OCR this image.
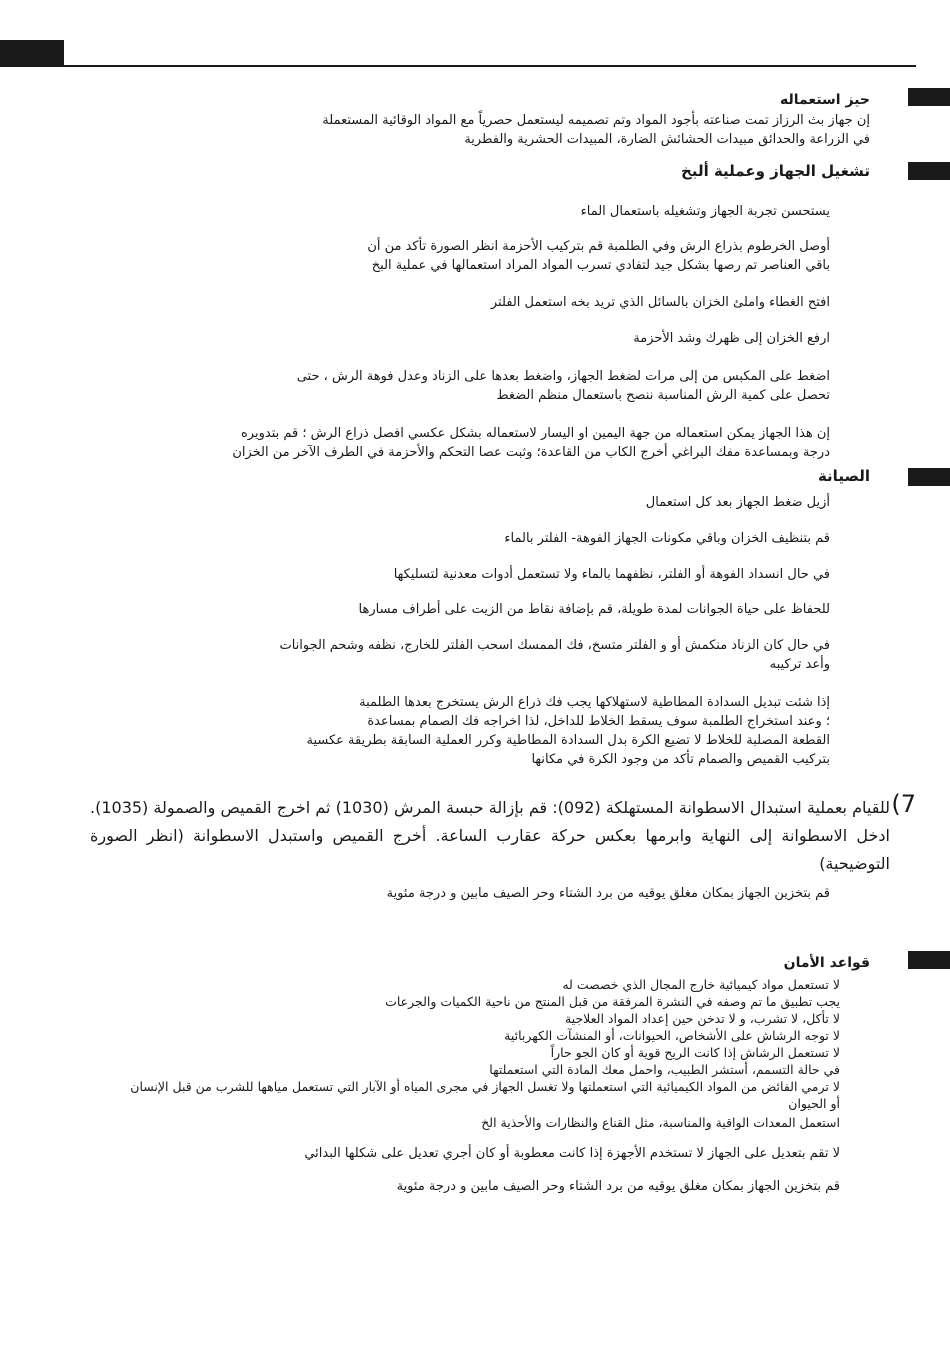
حيز استعماله
إن جهاز بث الرزاز تمت صناعته بأجود المواد وتم تصميمه ليستعمل حصرياً مع المواد الوقائية المستعملة
في الزراعة والحدائق مبيدات الحشائش الضارة، المبيدات الحشرية والفطرية
تشغيل الجهاز وعملية ألبخ
يستحسن تجربة الجهاز وتشغيله باستعمال الماء
أوصل الخرطوم بذراع الرش وفي الطلمبة قم بتركيب الأحزمة انظر الصورة تأكد من أن
باقي العناصر تم رصها بشكل جيد لتفادي تسرب المواد المراد استعمالها في عملية البخ
افتح الغطاء واملئ الخزان بالسائل الذي تريد بخه استعمل الفلتر
ارفع الخزان إلى ظهرك وشد الأحزمة
اضغط على المكبس من إلى مرات لضغط الجهاز، واضغط بعدها على الزناد وعدل فوهة الرش ، حتى
تحصل على كمية الرش المناسبة ننصح باستعمال منظم الضغط
إن هذا الجهاز يمكن استعماله من جهة اليمين او اليسار لاستعماله بشكل عكسي افصل ذراع الرش ؛ قم بتدويره
درجة وبمساعدة مفك البراغي أخرج الكاب من القاعدة؛ وثبت عصا التحكم والأحزمة في الطرف الآخر من الخزان
الصيانة
أزيل ضغط الجهاز بعد كل استعمال
قم بتنظيف الخزان وباقي مكونات الجهاز الفوهة- الفلتر بالماء
في حال انسداد الفوهة أو الفلتر، نظفهما بالماء ولا تستعمل أدوات معدنية لتسليكها
للحفاظ على حياة الجوانات لمدة طويلة، قم بإضافة نقاط من الزيت على أطراف مسارها
في حال كان الزناد منكمش أو و الفلتر متسخ، فك الممسك اسحب الفلتر للخارج، نظفه وشحم الجوانات
وأعد تركيبه
إذا شئت تبديل السدادة المطاطية لاستهلاكها يجب فك ذراع الرش يستخرج بعدها الطلمبة
؛ وعند استخراج الطلمبة سوف يسقط الخلاط للداخل، لذا اخراجه فك الصمام بمساعدة
القطعة المصلبة للخلاط لا تضيع الكرة بدل السدادة المطاطية وكرر العملية السابقة بطريقة عكسية
بتركيب القميص والصمام تأكد من وجود الكرة في مكانها
7)
للقيام بعملية استبدال الاسطوانة المستهلكة (092): قم بإزالة حبسة المرش (1030) ثم اخرج القميص والصمولة (1035). ادخل الاسطوانة إلى النهاية وابرمها بعكس حركة عقارب الساعة. أخرج القميص واستبدل الاسطوانة (انظر الصورة التوضيحية)
قم بتخزين الجهاز بمكان مغلق يوقيه من برد الشتاء وحر الصيف مابين و درجة مئوية
قواعد الأمان
لا تستعمل مواد كيميائية خارج المجال الذي خصصت له
يجب تطبيق ما تم وصفه في النشرة المرفقة من قبل المنتج من ناحية الكميات والجرعات
لا تأكل، لا تشرب، و لا تدخن حين إعداد المواد العلاجية
لا توجه الرشاش على الأشخاص، الحيوانات، أو المنشآت الكهربائية
لا تستعمل الرشاش إذا كانت الريح قوية أو كان الجو حاراً
في حالة التسمم، أستشر الطبيب، واحمل معك المادة التي استعملتها
لا ترمي الفائض من المواد الكيميائية التي استعملتها ولا تغسل الجهاز في مجرى المياه أو الآبار التي تستعمل مياهها للشرب من قبل الإنسان أو الحيوان
استعمل المعدات الواقية والمناسبة، مثل القناع والنظارات والأحذية الخ
لا تقم بتعديل على الجهاز لا تستخدم الأجهزة إذا كانت معطوبة أو كان أجري تعديل على شكلها البدائي
قم بتخزين الجهاز بمكان مغلق يوقيه من برد الشتاء وحر الصيف مابين و درجة مئوية
